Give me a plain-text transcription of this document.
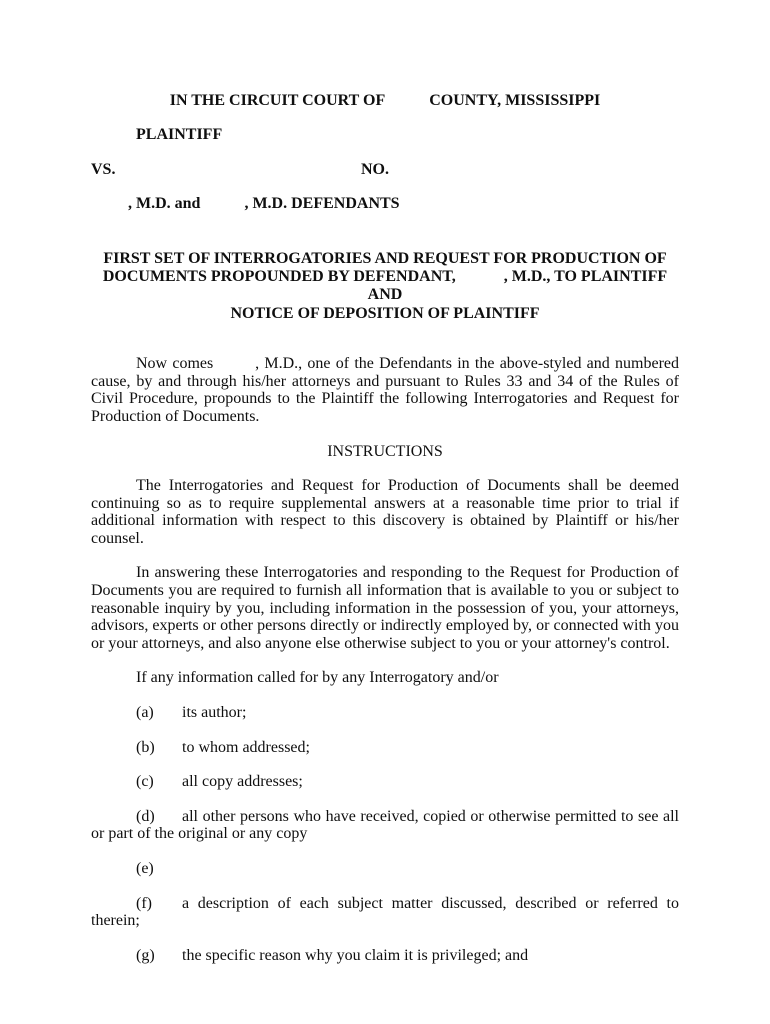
IN THE CIRCUIT COURT OF           COUNTY, MISSISSIPPI
PLAINTIFF
VS.	NO.
, M.D. and           , M.D. DEFENDANTS
FIRST SET OF INTERROGATORIES AND REQUEST FOR PRODUCTION OF
DOCUMENTS PROPOUNDED BY DEFENDANT,            , M.D., TO PLAINTIFF AND
NOTICE OF DEPOSITION OF PLAINTIFF

Now comes        , M.D., one of the Defendants in the above-styled and numbered cause, by and through his/her attorneys and pursuant to Rules 33 and 34 of the Rules of Civil Procedure, propounds to the Plaintiff the following Interrogatories and Request for Production of Documents.

INSTRUCTIONS

The Interrogatories and Request for Production of Documents shall be deemed continuing so as to require supplemental answers at a reasonable time prior to trial if additional information with respect to this discovery is obtained by Plaintiff or his/her counsel.

In answering these Interrogatories and responding to the Request for Production of Documents you are required to furnish all information that is available to you or subject to reasonable inquiry by you, including information in the possession of you, your attorneys, advisors, experts or other persons directly or indirectly employed by, or connected with you or your attorneys, and also anyone else otherwise subject to you or your attorney's control.

If any information called for by any Interrogatory and/or

(a) its author;

(b) to whom addressed;

(c) all copy addresses;

(d) all other persons who have received, copied or otherwise permitted to see all or part of the original or any copy

(e)

(f) a description of each subject matter discussed, described or referred to therein;

(g) the specific reason why you claim it is privileged; and
